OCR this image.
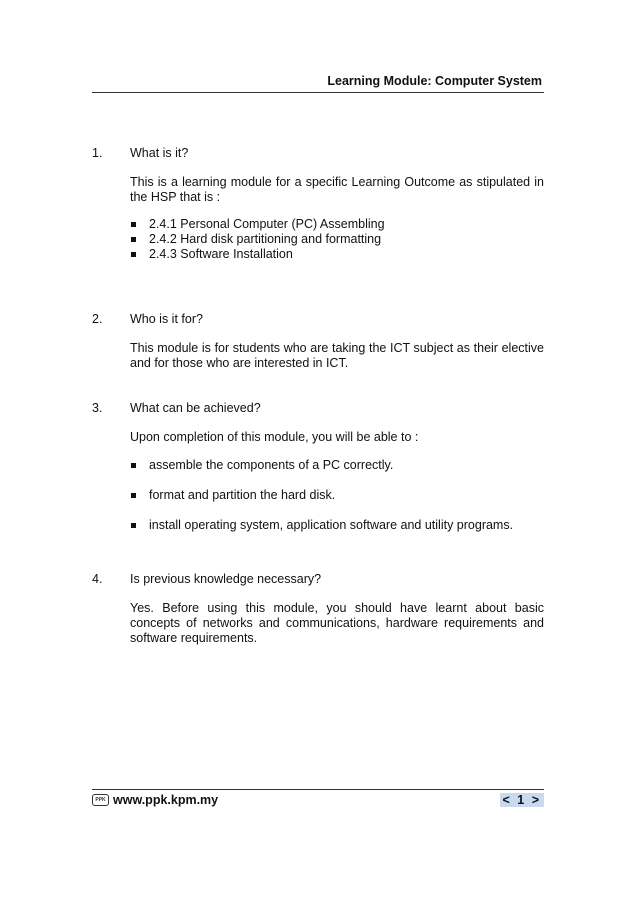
Learning Module: Computer System
1.	What is it?

This is a learning module for a specific Learning Outcome as stipulated in the HSP that is :

2.4.1 Personal Computer (PC) Assembling
2.4.2 Hard disk partitioning and formatting
2.4.3 Software Installation
2.	Who is it for?

This module is for students who are taking the ICT subject as their elective and for those who are interested in ICT.

3.	What can be achieved?

Upon completion of this module, you will be able to :

assemble the components of a PC correctly.
format and partition the hard disk.
install operating system, application software and utility programs.
4.	Is previous knowledge necessary?

Yes. Before using this module, you should have learnt about basic concepts of networks and communications, hardware requirements and software requirements.

PPK www.ppk.kpm.my	< 1 >
